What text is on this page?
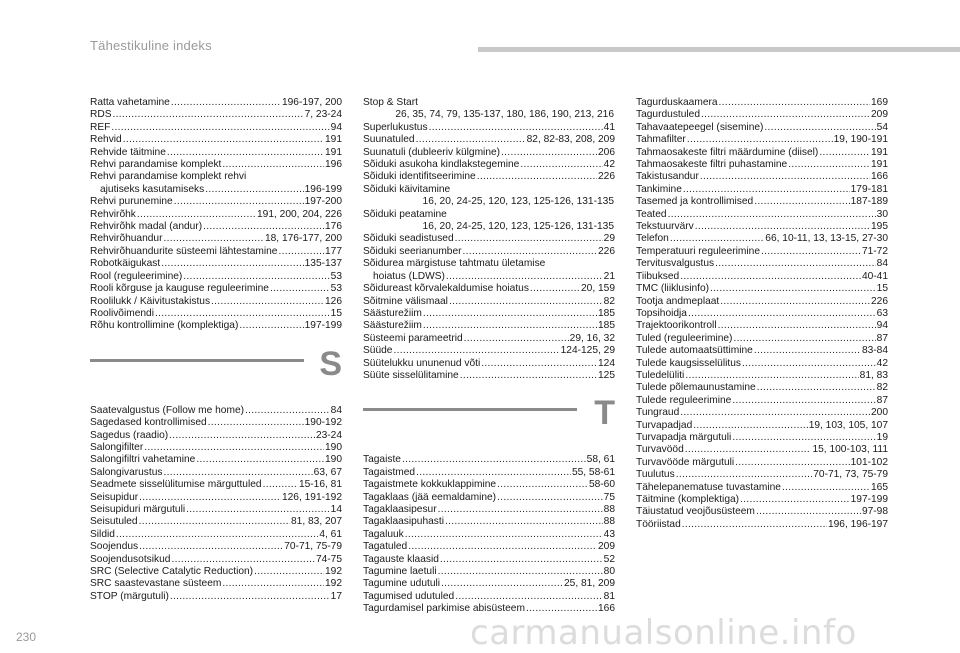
Tähestikuline indeks
Ratta vahetamine .....	196-197, 200
RDS .....	7, 23-24
REF .....	94
Rehvid .....	191
Rehvide täitmine .....	191
Rehvi parandamise komplekt .....	196
Rehvi parandamise komplekt rehvi
ajutiseks kasutamiseks .....	196-199
Rehvi purunemine .....	197-200
Rehvirõhk .....	191, 200, 204, 226
Rehvirõhk madal (andur) .....	176
Rehvirõhuandur .....	18, 176-177, 200
Rehvirõhuandurite süsteemi lähtestamine .....	177
Robotkäigukast .....	135-137
Rool (reguleerimine) .....	53
Rooli kõrguse ja kauguse reguleerimine .....	53
Roolilukk / Käivitustakistus .....	126
Roolivõimendi .....	15
Rõhu kontrollimine (komplektiga) .....	197-199
S
Saatevalgustus (Follow me home) .....	84
Sagedased kontrollimised .....	190-192
Sagedus (raadio) .....	23-24
Salongifilter .....	190
Salongifiltri vahetamine .....	190
Salongivarustus .....	63, 67
Seadmete sisselülitumise märguttuled .....	15-16, 81
Seisupidur .....	126, 191-192
Seisupiduri märgutuli .....	14
Seisutuled .....	81, 83, 207
Sildid .....	4, 61
Soojendus .....	70-71, 75-79
Soojendusotsikud .....	74-75
SRC (Selective Catalytic Reduction) .....	192
SRC saastevastane süsteem .....	192
STOP (märgutuli) .....	17
Stop & Start
26, 35, 74, 79, 135-137, 180, 186, 190, 213, 216
Superlukustus .....	41
Suunatuled .....	82, 82-83, 208, 209
Suunatuli (dubleeriv külgmine) .....	206
Sõiduki asukoha kindlakstegemine .....	42
Sõiduki identifitseerimine .....	226
Sõiduki käivitamine
16, 20, 24-25, 120, 123, 125-126, 131-135
Sõiduki peatamine
16, 20, 24-25, 120, 123, 125-126, 131-135
Sõiduki seadistused .....	29
Sõiduki seerianumber .....	226
Sõidurea märgistuse tahtmatu ületamise
hoiatus (LDWS) .....	21
Sõidureast kõrvalekaldumise hoiatus .....	20, 159
Sõitmine välismaal .....	82
Säästurežiim .....	185
Säästurežiim .....	185
Süsteemi parameetrid .....	29, 16, 32
Süüde .....	124-125, 29
Süütelukku ununenud võti .....	124
Süüte sisselülitamine .....	125
T
Tagaiste .....	58, 61
Tagaistmed .....	55, 58-61
Tagaistmete kokkuklappimine .....	58-60
Tagaklaas (jää eemaldamine) .....	75
Tagaklaasipesur .....	88
Tagaklaasipuhasti .....	88
Tagaluuk .....	43
Tagatuled .....	209
Tagauste klaasid .....	52
Tagumine laetuli .....	80
Tagumine udutuli .....	25, 81, 209
Tagumised udutuled .....	81
Tagurdamisel parkimise abisüsteem .....	166
Tagurduskaamera .....	169
Tagurdustuled .....	209
Tahavaatepeegel (sisemine) .....	54
Tahmafilter .....	19, 190-191
Tahmaosakeste filtri määrdumine (diisel) .....	191
Tahmaosakeste filtri puhastamine .....	191
Takistusandur .....	166
Tankimine .....	179-181
Tasemed ja kontrollimised .....	187-189
Teated .....	30
Tekstuurvärv .....	195
Telefon .....	66, 10-11, 13, 13-15, 27-30
Temperatuuri reguleerimine .....	71-72
Tervitusvalgustus .....	84
Tiibuksed .....	40-41
TMC (liiklusinfo) .....	15
Tootja andmeplaat .....	226
Topsihoidja .....	63
Trajektoorikontroll .....	94
Tuled (reguleerimine) .....	87
Tulede automaatsüttimine .....	83-84
Tulede kaugsisselülitus .....	42
Tuledelüliti .....	81, 83
Tulede põlemaunustamine .....	82
Tulede reguleerimine .....	87
Tungraud .....	200
Turvapadjad .....	19, 103, 105, 107
Turvapadja märgutuli .....	19
Turvavööd .....	15, 100-103, 111
Turvavööde märgutuli .....	101-102
Tuulutus .....	70-71, 73, 75-79
Tähelepanematuse tuvastamine .....	165
Täitmine (komplektiga) .....	197-199
Täiustatud veojõusüsteem .....	97-98
Tööriistad .....	196, 196-197
230	carmanualsonline.info
